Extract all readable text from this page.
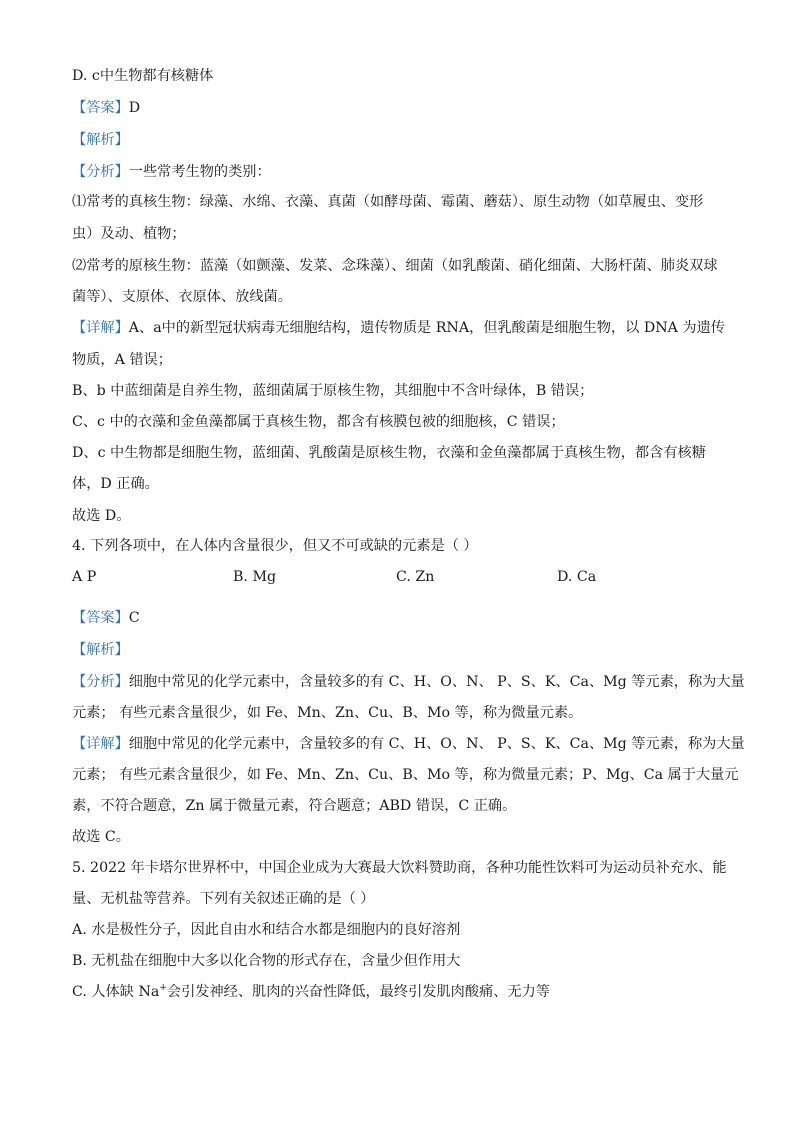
D. c中生物都有核糖体
【答案】D
【解析】
【分析】一些常考生物的类别：
⑴常考的真核生物：绿藻、水绵、衣藻、真菌（如酵母菌、霉菌、蘑菇）、原生动物（如草履虫、变形
虫）及动、植物；
⑵常考的原核生物：蓝藻（如颤藻、发菜、念珠藻）、细菌（如乳酸菌、硝化细菌、大肠杆菌、肺炎双球
菌等）、支原体、衣原体、放线菌。
【详解】A、a中的新型冠状病毒无细胞结构，遗传物质是 RNA，但乳酸菌是细胞生物，以 DNA 为遗传
物质，A 错误；
B、b 中蓝细菌是自养生物，蓝细菌属于原核生物，其细胞中不含叶绿体，B 错误；
C、c 中的衣藻和金鱼藻都属于真核生物，都含有核膜包被的细胞核，C 错误；
D、c 中生物都是细胞生物，蓝细菌、乳酸菌是原核生物，衣藻和金鱼藻都属于真核生物，都含有核糖
体，D 正确。
故选 D。
4. 下列各项中，在人体内含量很少，但又不可或缺的元素是（ ）
【答案】C
【解析】
【分析】细胞中常见的化学元素中，含量较多的有 C、H、O、N、 P、S、K、Ca、Mg 等元素，称为大量
元素； 有些元素含量很少，如 Fe、Mn、Zn、Cu、B、Mo 等，称为微量元素。
【详解】细胞中常见的化学元素中，含量较多的有 C、H、O、N、 P、S、K、Ca、Mg 等元素，称为大量
元素； 有些元素含量很少，如 Fe、Mn、Zn、Cu、B、Mo 等，称为微量元素；P、Mg、Ca 属于大量元
素，不符合题意，Zn 属于微量元素，符合题意；ABD 错误，C 正确。
故选 C。
5. 2022 年卡塔尔世界杯中，中国企业成为大赛最大饮料赞助商，各种功能性饮料可为运动员补充水、能
量、无机盐等营养。下列有关叙述正确的是（ ）
A. 水是极性分子，因此自由水和结合水都是细胞内的良好溶剂
B. 无机盐在细胞中大多以化合物的形式存在，含量少但作用大
A P	B. Mg	C. Zn	D. Ca
C. 人体缺 Na+会引发神经、肌肉的兴奋性降低，最终引发肌肉酸痛、无力等
